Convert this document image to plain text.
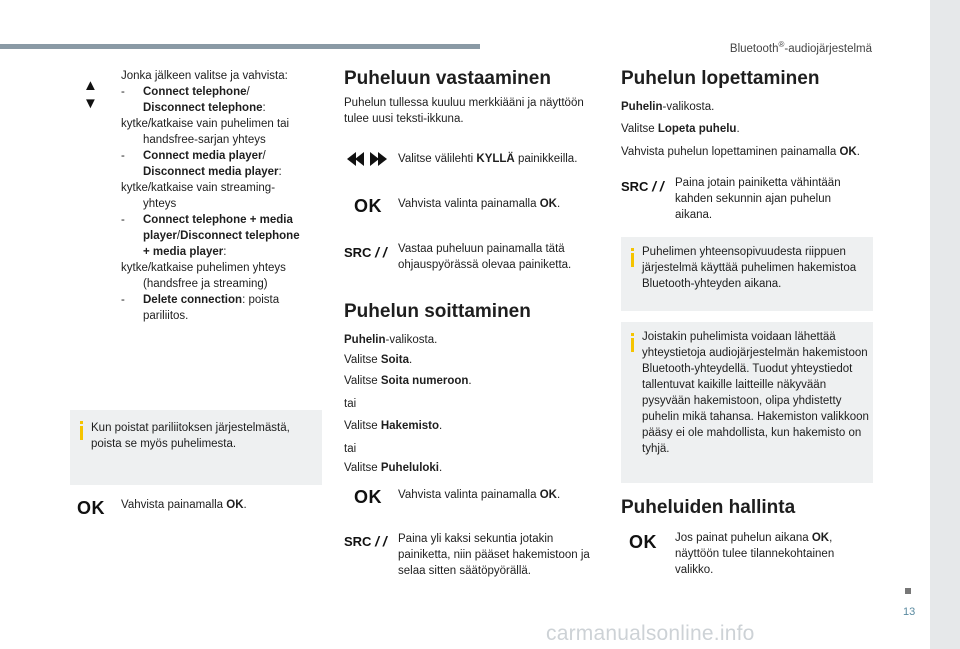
Bluetooth®-audiojärjestelmä
13
carmanualsonline.info
▲
▼
Jonka jälkeen valitse ja vahvista:
- Connect telephone/
Disconnect telephone:
kytke/katkaise vain puhelimen tai
handsfree-sarjan yhteys
- Connect media player/
Disconnect media player:
kytke/katkaise vain streaming-
yhteys
- Connect telephone + media
player/Disconnect telephone
+ media player:
kytke/katkaise puhelimen yhteys
(handsfree ja streaming)
- Delete connection: poista
pariliitos.
Kun poistat pariliitoksen järjestelmästä, poista se myös puhelimesta.
OK Vahvista painamalla OK.
Puheluun vastaaminen
Puhelun tullessa kuuluu merkkiääni ja näyttöön tulee uusi teksti-ikkuna.
Valitse välilehti KYLLÄ painikkeilla.
OK Vahvista valinta painamalla OK.
SRC / / Vastaa puheluun painamalla tätä ohjauspyörässä olevaa painiketta.
Puhelun soittaminen
Puhelin-valikosta.
Valitse Soita.
Valitse Soita numeroon.
tai
Valitse Hakemisto.
tai
Valitse Puheluloki.
OK Vahvista valinta painamalla OK.
SRC / / Paina yli kaksi sekuntia jotakin painiketta, niin pääset hakemistoon ja selaa sitten säätöpyörällä.
Puhelun lopettaminen
Puhelin-valikosta.
Valitse Lopeta puhelu.
Vahvista puhelun lopettaminen painamalla OK.
SRC / / Paina jotain painiketta vähintään kahden sekunnin ajan puhelun aikana.
Puhelimen yhteensopivuudesta riippuen järjestelmä käyttää puhelimen hakemistoa Bluetooth-yhteyden aikana.
Joistakin puhelimista voidaan lähettää yhteystietoja audiojärjestelmän hakemistoon Bluetooth-yhteydellä. Tuodut yhteystiedot tallentuvat kaikille laitteille näkyvään pysyvään hakemistoon, olipa yhdistetty puhelin mikä tahansa. Hakemiston valikkoon pääsy ei ole mahdollista, kun hakemisto on tyhjä.
Puheluiden hallinta
OK Jos painat puhelun aikana OK, näyttöön tulee tilannekohtainen valikko.
